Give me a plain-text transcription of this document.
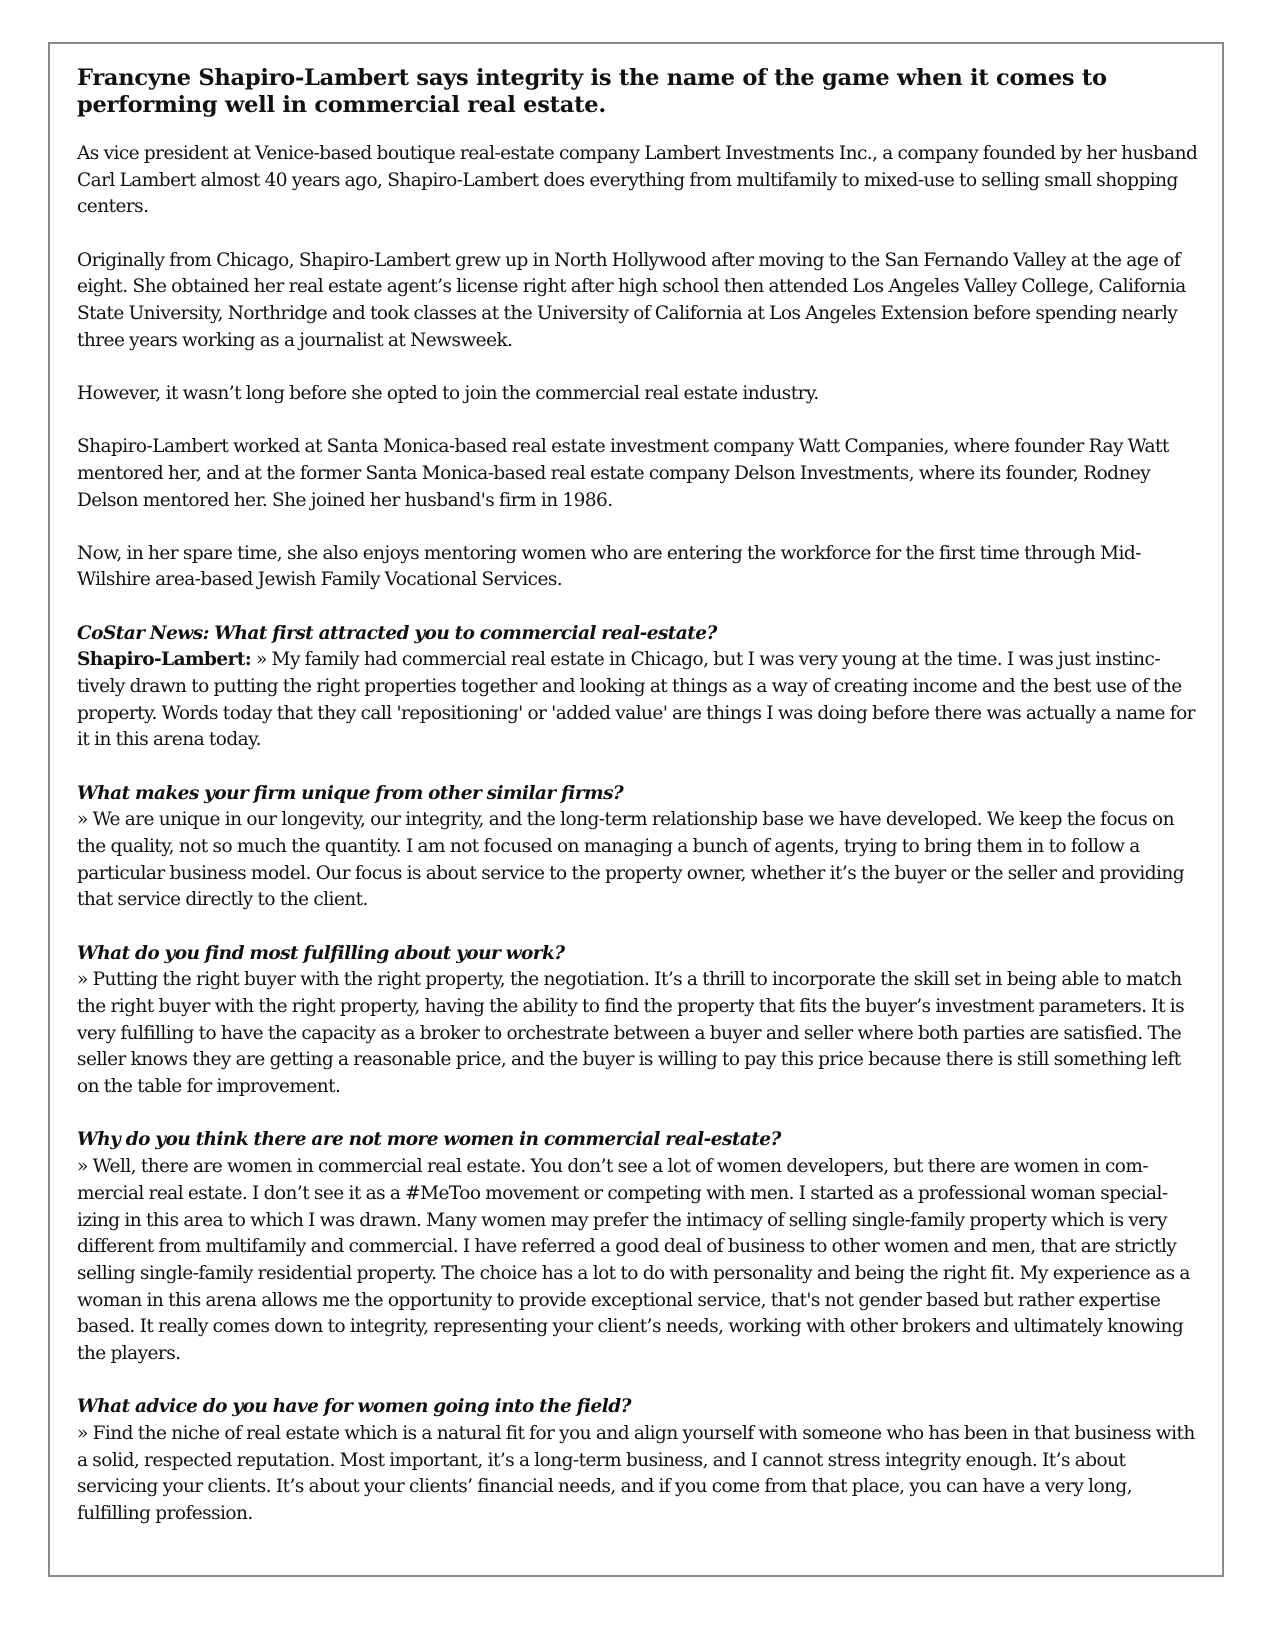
Francyne Shapiro-Lambert says integrity is the name of the game when it comes to performing well in commercial real estate.

As vice president at Venice-based boutique real-estate company Lambert Investments Inc., a company founded by her husband Carl Lambert almost 40 years ago, Shapiro-Lambert does everything from multifamily to mixed-use to selling small shopping centers.

Originally from Chicago, Shapiro-Lambert grew up in North Hollywood after moving to the San Fernando Valley at the age of eight. She obtained her real estate agent’s license right after high school then attended Los Angeles Valley College, California State University, Northridge and took classes at the University of California at Los Angeles Extension before spending nearly three years working as a journalist at Newsweek.

However, it wasn’t long before she opted to join the commercial real estate industry.

Shapiro-Lambert worked at Santa Monica-based real estate investment company Watt Companies, where founder Ray Watt mentored her, and at the former Santa Monica-based real estate company Delson Investments, where its founder, Rodney Delson mentored her. She joined her husband's firm in 1986.

Now, in her spare time, she also enjoys mentoring women who are entering the workforce for the first time through Mid-Wilshire area-based Jewish Family Vocational Services.

CoStar News: What first attracted you to commercial real-estate?
Shapiro-Lambert: » My family had commercial real estate in Chicago, but I was very young at the time. I was just instinctively drawn to putting the right properties together and looking at things as a way of creating income and the best use of the property. Words today that they call 'repositioning' or 'added value' are things I was doing before there was actually a name for it in this arena today.
What makes your firm unique from other similar firms?
» We are unique in our longevity, our integrity, and the long-term relationship base we have developed. We keep the focus on the quality, not so much the quantity. I am not focused on managing a bunch of agents, trying to bring them in to follow a particular business model. Our focus is about service to the property owner, whether it’s the buyer or the seller and providing that service directly to the client.
What do you find most fulfilling about your work?
» Putting the right buyer with the right property, the negotiation. It’s a thrill to incorporate the skill set in being able to match the right buyer with the right property, having the ability to find the property that fits the buyer’s investment parameters. It is very fulfilling to have the capacity as a broker to orchestrate between a buyer and seller where both parties are satisfied. The seller knows they are getting a reasonable price, and the buyer is willing to pay this price because there is still something left on the table for improvement.
Why do you think there are not more women in commercial real-estate?
» Well, there are women in commercial real estate. You don’t see a lot of women developers, but there are women in commercial real estate. I don’t see it as a #MeToo movement or competing with men. I started as a professional woman specializing in this area to which I was drawn. Many women may prefer the intimacy of selling single-family property which is very different from multifamily and commercial. I have referred a good deal of business to other women and men, that are strictly selling single-family residential property. The choice has a lot to do with personality and being the right fit. My experience as a woman in this arena allows me the opportunity to provide exceptional service, that's not gender based but rather expertise based. It really comes down to integrity, representing your client’s needs, working with other brokers and ultimately knowing the players.
What advice do you have for women going into the field?
» Find the niche of real estate which is a natural fit for you and align yourself with someone who has been in that business with a solid, respected reputation. Most important, it’s a long-term business, and I cannot stress integrity enough. It’s about servicing your clients. It’s about your clients’ financial needs, and if you come from that place, you can have a very long, fulfilling profession.
